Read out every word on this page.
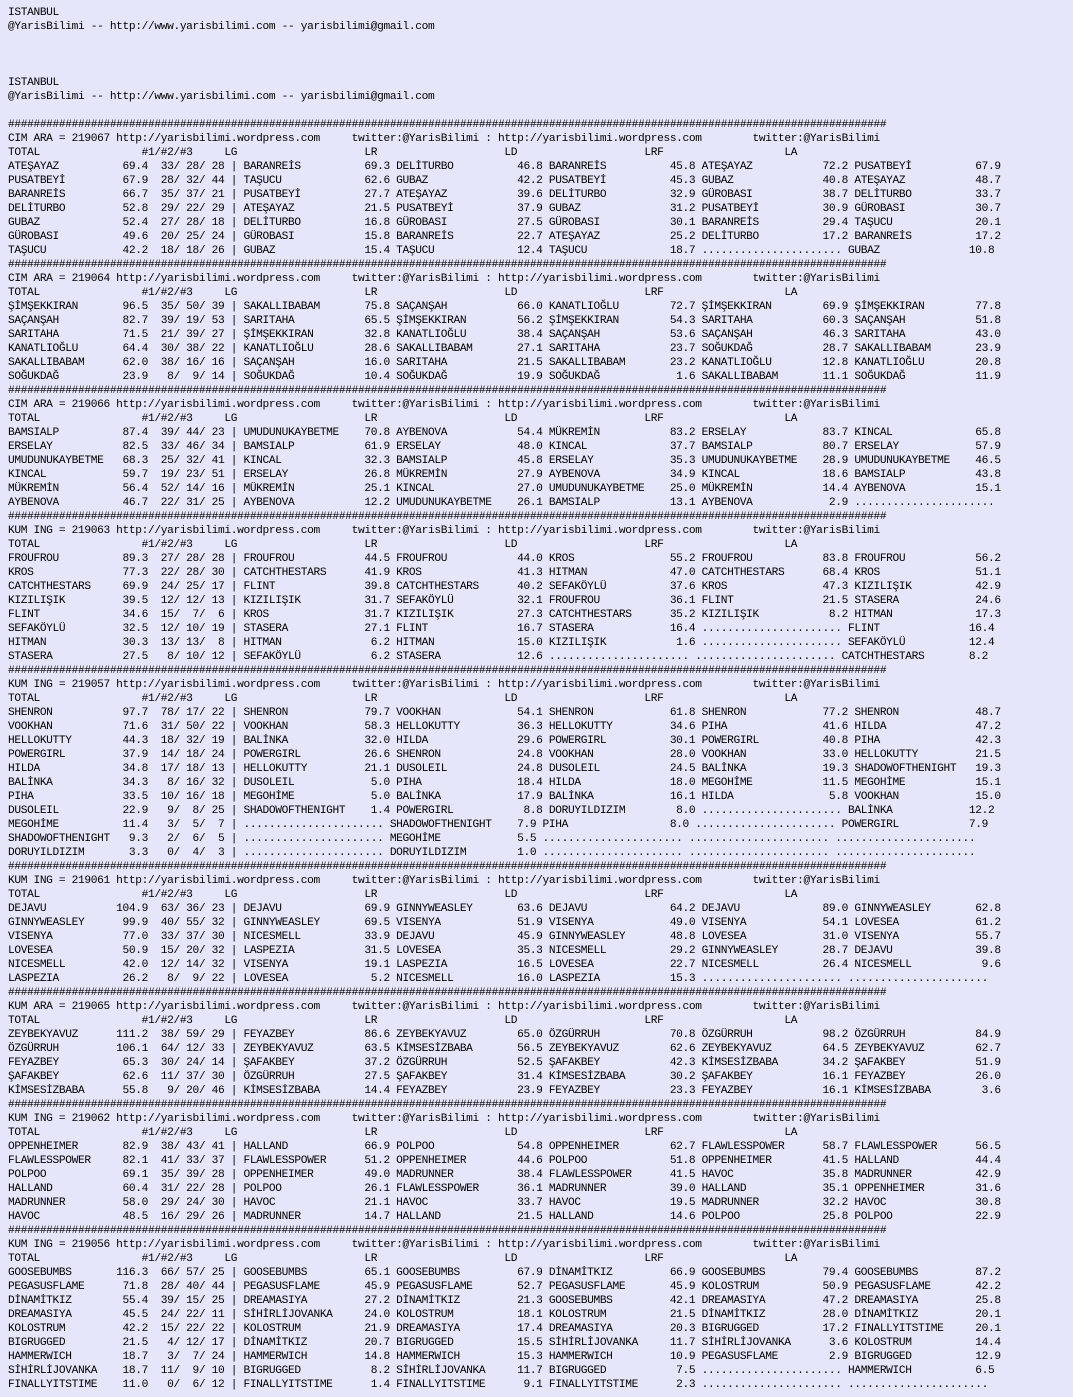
ISTANBUL
@YarisBilimi -- http://www.yarisbilimi.com -- yarisbilimi@gmail.com
ISTANBUL
@YarisBilimi -- http://www.yarisbilimi.com -- yarisbilimi@gmail.com
##########################################################################################################################################
CIM ARA = 219067 http://yarisbilimi.wordpress.com     twitter:@YarisBilimi : http://yarisbilimi.wordpress.com        twitter:@YarisBilimi
TOTAL                #1/#2/#3     LG                    LR                    LD                    LRF                   LA
ATEŞAYAZ          69.4  33/ 28/ 28 | BARANREİS          69.3 DELİTURBO          46.8 BARANREİS          45.8 ATEŞAYAZ           72.2 PUSATBEYİ          67.9
PUSATBEYİ         67.9  28/ 32/ 44 | TAŞUCU             62.6 GUBAZ              42.2 PUSATBEYİ          45.3 GUBAZ              40.8 ATEŞAYAZ           48.7
BARANREİS         66.7  35/ 37/ 21 | PUSATBEYİ          27.7 ATEŞAYAZ           39.6 DELİTURBO          32.9 GÜROBASI           38.7 DELİTURBO          33.7
DELİTURBO         52.8  29/ 22/ 29 | ATEŞAYAZ           21.5 PUSATBEYİ          37.9 GUBAZ              31.2 PUSATBEYİ          30.9 GÜROBASI           30.7
GUBAZ             52.4  27/ 28/ 18 | DELİTURBO          16.8 GÜROBASI           27.5 GÜROBASI           30.1 BARANREİS          29.4 TAŞUCU             20.1
GÜROBASI          49.6  20/ 25/ 24 | GÜROBASI           15.8 BARANREİS          22.7 ATEŞAYAZ           25.2 DELİTURBO          17.2 BARANREİS          17.2
TAŞUCU            42.2  18/ 18/ 26 | GUBAZ              15.4 TAŞUCU             12.4 TAŞUCU             18.7 ...................... GUBAZ              10.8
##########################################################################################################################################
CIM ARA = 219064 http://yarisbilimi.wordpress.com     twitter:@YarisBilimi : http://yarisbilimi.wordpress.com        twitter:@YarisBilimi
TOTAL                #1/#2/#3     LG                    LR                    LD                    LRF                   LA
ŞİMŞEKKIRAN       96.5  35/ 50/ 39 | SAKALLIBABAM       75.8 SAÇANŞAH           66.0 KANATLIOĞLU        72.7 ŞİMŞEKKIRAN        69.9 ŞİMŞEKKIRAN        77.8
SAÇANŞAH          82.7  39/ 19/ 53 | SARITAHA           65.5 ŞİMŞEKKIRAN        56.2 ŞİMŞEKKIRAN        54.3 SARITAHA           60.3 SAÇANŞAH           51.8
SARITAHA          71.5  21/ 39/ 27 | ŞİMŞEKKIRAN        32.8 KANATLIOĞLU        38.4 SAÇANŞAH           53.6 SAÇANŞAH           46.3 SARITAHA           43.0
KANATLIOĞLU       64.4  30/ 38/ 22 | KANATLIOĞLU        28.6 SAKALLIBABAM       27.1 SARITAHA           23.7 SOĞUKDAĞ           28.7 SAKALLIBABAM       23.9
SAKALLIBABAM      62.0  38/ 16/ 16 | SAÇANŞAH           16.0 SARITAHA           21.5 SAKALLIBABAM       23.2 KANATLIOĞLU        12.8 KANATLIOĞLU        20.8
SOĞUKDAĞ          23.9   8/  9/ 14 | SOĞUKDAĞ           10.4 SOĞUKDAĞ           19.9 SOĞUKDAĞ            1.6 SAKALLIBABAM       11.1 SOĞUKDAĞ           11.9
##########################################################################################################################################
CIM ARA = 219066 http://yarisbilimi.wordpress.com     twitter:@YarisBilimi : http://yarisbilimi.wordpress.com        twitter:@YarisBilimi
TOTAL                #1/#2/#3     LG                    LR                    LD                    LRF                   LA
BAMSIALP          87.4  39/ 44/ 23 | UMUDUNUKAYBETME    70.8 AYBENOVA           54.4 MÜKREMİN           83.2 ERSELAY            83.7 KINCAL             65.8
ERSELAY           82.5  33/ 46/ 34 | BAMSIALP           61.9 ERSELAY            48.0 KINCAL             37.7 BAMSIALP           80.7 ERSELAY            57.9
UMUDUNUKAYBETME   68.3  25/ 32/ 41 | KINCAL             32.3 BAMSIALP           45.8 ERSELAY            35.3 UMUDUNUKAYBETME    28.9 UMUDUNUKAYBETME    46.5
KINCAL            59.7  19/ 23/ 51 | ERSELAY            26.8 MÜKREMİN           27.9 AYBENOVA           34.9 KINCAL             18.6 BAMSIALP           43.8
MÜKREMİN          56.4  52/ 14/ 16 | MÜKREMİN           25.1 KINCAL             27.0 UMUDUNUKAYBETME    25.0 MÜKREMİN           14.4 AYBENOVA           15.1
AYBENOVA          46.7  22/ 31/ 25 | AYBENOVA           12.2 UMUDUNUKAYBETME    26.1 BAMSIALP           13.1 AYBENOVA            2.9 ......................
##########################################################################################################################################
KUM ING = 219063 http://yarisbilimi.wordpress.com     twitter:@YarisBilimi : http://yarisbilimi.wordpress.com        twitter:@YarisBilimi
TOTAL                #1/#2/#3     LG                    LR                    LD                    LRF                   LA
FROUFROU          89.3  27/ 28/ 28 | FROUFROU           44.5 FROUFROU           44.0 KROS               55.2 FROUFROU           83.8 FROUFROU           56.2
KROS              77.3  22/ 28/ 30 | CATCHTHESTARS      41.9 KROS               41.3 HITMAN             47.0 CATCHTHESTARS      68.4 KROS               51.1
CATCHTHESTARS     69.9  24/ 25/ 17 | FLINT              39.8 CATCHTHESTARS      40.2 SEFAKÖYLÜ          37.6 KROS               47.3 KIZILIŞIK          42.9
KIZILIŞIK         39.5  12/ 12/ 13 | KIZILIŞIK          31.7 SEFAKÖYLÜ          32.1 FROUFROU           36.1 FLINT              21.5 STASERA            24.6
FLINT             34.6  15/  7/  6 | KROS               31.7 KIZILIŞIK          27.3 CATCHTHESTARS      35.2 KIZILIŞIK           8.2 HITMAN             17.3
SEFAKÖYLÜ         32.5  12/ 10/ 19 | STASERA            27.1 FLINT              16.7 STASERA            16.4 ...................... FLINT              16.4
HITMAN            30.3  13/ 13/  8 | HITMAN              6.2 HITMAN             15.0 KIZILIŞIK           1.6 ...................... SEFAKÖYLÜ          12.4
STASERA           27.5   8/ 10/ 12 | SEFAKÖYLÜ           6.2 STASERA            12.6 ...................... ...................... CATCHTHESTARS       8.2
##########################################################################################################################################
KUM ING = 219057 http://yarisbilimi.wordpress.com     twitter:@YarisBilimi : http://yarisbilimi.wordpress.com        twitter:@YarisBilimi
TOTAL                #1/#2/#3     LG                    LR                    LD                    LRF                   LA
SHENRON           97.7  78/ 17/ 22 | SHENRON            79.7 VOOKHAN            54.1 SHENRON            61.8 SHENRON            77.2 SHENRON            48.7
VOOKHAN           71.6  31/ 50/ 22 | VOOKHAN            58.3 HELLOKUTTY         36.3 HELLOKUTTY         34.6 PIHA               41.6 HILDA              47.2
HELLOKUTTY        44.3  18/ 32/ 19 | BALİNKA            32.0 HILDA              29.6 POWERGIRL          30.1 POWERGIRL          40.8 PIHA               42.3
POWERGIRL         37.9  14/ 18/ 24 | POWERGIRL          26.6 SHENRON            24.8 VOOKHAN            28.0 VOOKHAN            33.0 HELLOKUTTY         21.5
HILDA             34.8  17/ 18/ 13 | HELLOKUTTY         21.1 DUSOLEIL           24.8 DUSOLEIL           24.5 BALİNKA            19.3 SHADOWOFTHENIGHT   19.3
BALİNKA           34.3   8/ 16/ 32 | DUSOLEIL            5.0 PIHA               18.4 HILDA              18.0 MEGOHİME           11.5 MEGOHİME           15.1
PIHA              33.5  10/ 16/ 18 | MEGOHİME            5.0 BALİNKA            17.9 BALİNKA            16.1 HILDA               5.8 VOOKHAN            15.0
DUSOLEIL          22.9   9/  8/ 25 | SHADOWOFTHENIGHT    1.4 POWERGIRL           8.8 DORUYILDIZIM        8.0 ...................... BALİNKA            12.2
MEGOHİME          11.4   3/  5/  7 | ...................... SHADOWOFTHENIGHT    7.9 PIHA                8.0 ...................... POWERGIRL           7.9
SHADOWOFTHENIGHT   9.3   2/  6/  5 | ...................... MEGOHİME            5.5 ...................... ...................... ......................
DORUYILDIZIM       3.3   0/  4/  3 | ...................... DORUYILDIZIM        1.0 ...................... ...................... ......................
##########################################################################################################################################
KUM ING = 219061 http://yarisbilimi.wordpress.com     twitter:@YarisBilimi : http://yarisbilimi.wordpress.com        twitter:@YarisBilimi
TOTAL                #1/#2/#3     LG                    LR                    LD                    LRF                   LA
DEJAVU           104.9  63/ 36/ 23 | DEJAVU             69.9 GINNYWEASLEY       63.6 DEJAVU             64.2 DEJAVU             89.0 GINNYWEASLEY       62.8
GINNYWEASLEY      99.9  40/ 55/ 32 | GINNYWEASLEY       69.5 VISENYA            51.9 VISENYA            49.0 VISENYA            54.1 LOVESEA            61.2
VISENYA           77.0  33/ 37/ 30 | NICESMELL          33.9 DEJAVU             45.9 GINNYWEASLEY       48.8 LOVESEA            31.0 VISENYA            55.7
LOVESEA           50.9  15/ 20/ 32 | LASPEZIA           31.5 LOVESEA            35.3 NICESMELL          29.2 GINNYWEASLEY       28.7 DEJAVU             39.8
NICESMELL         42.0  12/ 14/ 32 | VISENYA            19.1 LASPEZIA           16.5 LOVESEA            22.7 NICESMELL          26.4 NICESMELL           9.6
LASPEZIA          26.2   8/  9/ 22 | LOVESEA             5.2 NICESMELL          16.0 LASPEZIA           15.3 ...................... ......................
##########################################################################################################################################
KUM ARA = 219065 http://yarisbilimi.wordpress.com     twitter:@YarisBilimi : http://yarisbilimi.wordpress.com        twitter:@YarisBilimi
TOTAL                #1/#2/#3     LG                    LR                    LD                    LRF                   LA
ZEYBEKYAVUZ      111.2  38/ 59/ 29 | FEYAZBEY           86.6 ZEYBEKYAVUZ        65.0 ÖZGÜRRUH           70.8 ÖZGÜRRUH           98.2 ÖZGÜRRUH           84.9
ÖZGÜRRUH         106.1  64/ 12/ 33 | ZEYBEKYAVUZ        63.5 KİMSESİZBABA       56.5 ZEYBEKYAVUZ        62.6 ZEYBEKYAVUZ        64.5 ZEYBEKYAVUZ        62.7
FEYAZBEY          65.3  30/ 24/ 14 | ŞAFAKBEY           37.2 ÖZGÜRRUH           52.5 ŞAFAKBEY           42.3 KİMSESİZBABA       34.2 ŞAFAKBEY           51.9
ŞAFAKBEY          62.6  11/ 37/ 30 | ÖZGÜRRUH           27.5 ŞAFAKBEY           31.4 KİMSESİZBABA       30.2 ŞAFAKBEY           16.1 FEYAZBEY           26.0
KİMSESİZBABA      55.8   9/ 20/ 46 | KİMSESİZBABA       14.4 FEYAZBEY           23.9 FEYAZBEY           23.3 FEYAZBEY           16.1 KİMSESİZBABA        3.6
##########################################################################################################################################
KUM ING = 219062 http://yarisbilimi.wordpress.com     twitter:@YarisBilimi : http://yarisbilimi.wordpress.com        twitter:@YarisBilimi
TOTAL                #1/#2/#3     LG                    LR                    LD                    LRF                   LA
OPPENHEIMER       82.9  38/ 43/ 41 | HALLAND            66.9 POLPOO             54.8 OPPENHEIMER        62.7 FLAWLESSPOWER      58.7 FLAWLESSPOWER      56.5
FLAWLESSPOWER     82.1  41/ 33/ 37 | FLAWLESSPOWER      51.2 OPPENHEIMER        44.6 POLPOO             51.8 OPPENHEIMER        41.5 HALLAND            44.4
POLPOO            69.1  35/ 39/ 28 | OPPENHEIMER        49.0 MADRUNNER          38.4 FLAWLESSPOWER      41.5 HAVOC              35.8 MADRUNNER          42.9
HALLAND           60.4  31/ 22/ 28 | POLPOO             26.1 FLAWLESSPOWER      36.1 MADRUNNER          39.0 HALLAND            35.1 OPPENHEIMER        31.6
MADRUNNER         58.0  29/ 24/ 30 | HAVOC              21.1 HAVOC              33.7 HAVOC              19.5 MADRUNNER          32.2 HAVOC              30.8
HAVOC             48.5  16/ 29/ 26 | MADRUNNER          14.7 HALLAND            21.5 HALLAND            14.6 POLPOO             25.8 POLPOO             22.9
##########################################################################################################################################
KUM ING = 219056 http://yarisbilimi.wordpress.com     twitter:@YarisBilimi : http://yarisbilimi.wordpress.com        twitter:@YarisBilimi
TOTAL                #1/#2/#3     LG                    LR                    LD                    LRF                   LA
GOOSEBUMBS       116.3  66/ 57/ 25 | GOOSEBUMBS         65.1 GOOSEBUMBS         67.9 DİNAMİTKIZ         66.9 GOOSEBUMBS         79.4 GOOSEBUMBS         87.2
PEGASUSFLAME      71.8  28/ 40/ 44 | PEGASUSFLAME       45.9 PEGASUSFLAME       52.7 PEGASUSFLAME       45.9 KOLOSTRUM          50.9 PEGASUSFLAME       42.2
DİNAMİTKIZ        55.4  39/ 15/ 25 | DREAMASIYA         27.2 DİNAMİTKIZ         21.3 GOOSEBUMBS         42.1 DREAMASIYA         47.2 DREAMASIYA         25.8
DREAMASIYA        45.5  24/ 22/ 11 | SİHİRLİJOVANKA     24.0 KOLOSTRUM          18.1 KOLOSTRUM          21.5 DİNAMİTKIZ         28.0 DİNAMİTKIZ         20.1
KOLOSTRUM         42.2  15/ 22/ 22 | KOLOSTRUM          21.9 DREAMASIYA         17.4 DREAMASIYA         20.3 BIGRUGGED          17.2 FINALLYITSTIME     20.1
BIGRUGGED         21.5   4/ 12/ 17 | DİNAMİTKIZ         20.7 BIGRUGGED          15.5 SİHİRLİJOVANKA     11.7 SİHİRLİJOVANKA      3.6 KOLOSTRUM          14.4
HAMMERWICH        18.7   3/  7/ 24 | HAMMERWICH         14.8 HAMMERWICH         15.3 HAMMERWICH         10.9 PEGASUSFLAME        2.9 BIGRUGGED          12.9
SİHİRLİJOVANKA    18.7  11/  9/ 10 | BIGRUGGED           8.2 SİHİRLİJOVANKA     11.7 BIGRUGGED           7.5 ...................... HAMMERWICH          6.5
FINALLYITSTIME    11.0   0/  6/ 12 | FINALLYITSTIME      1.4 FINALLYITSTIME      9.1 FINALLYITSTIME      2.3 ...................... ......................
